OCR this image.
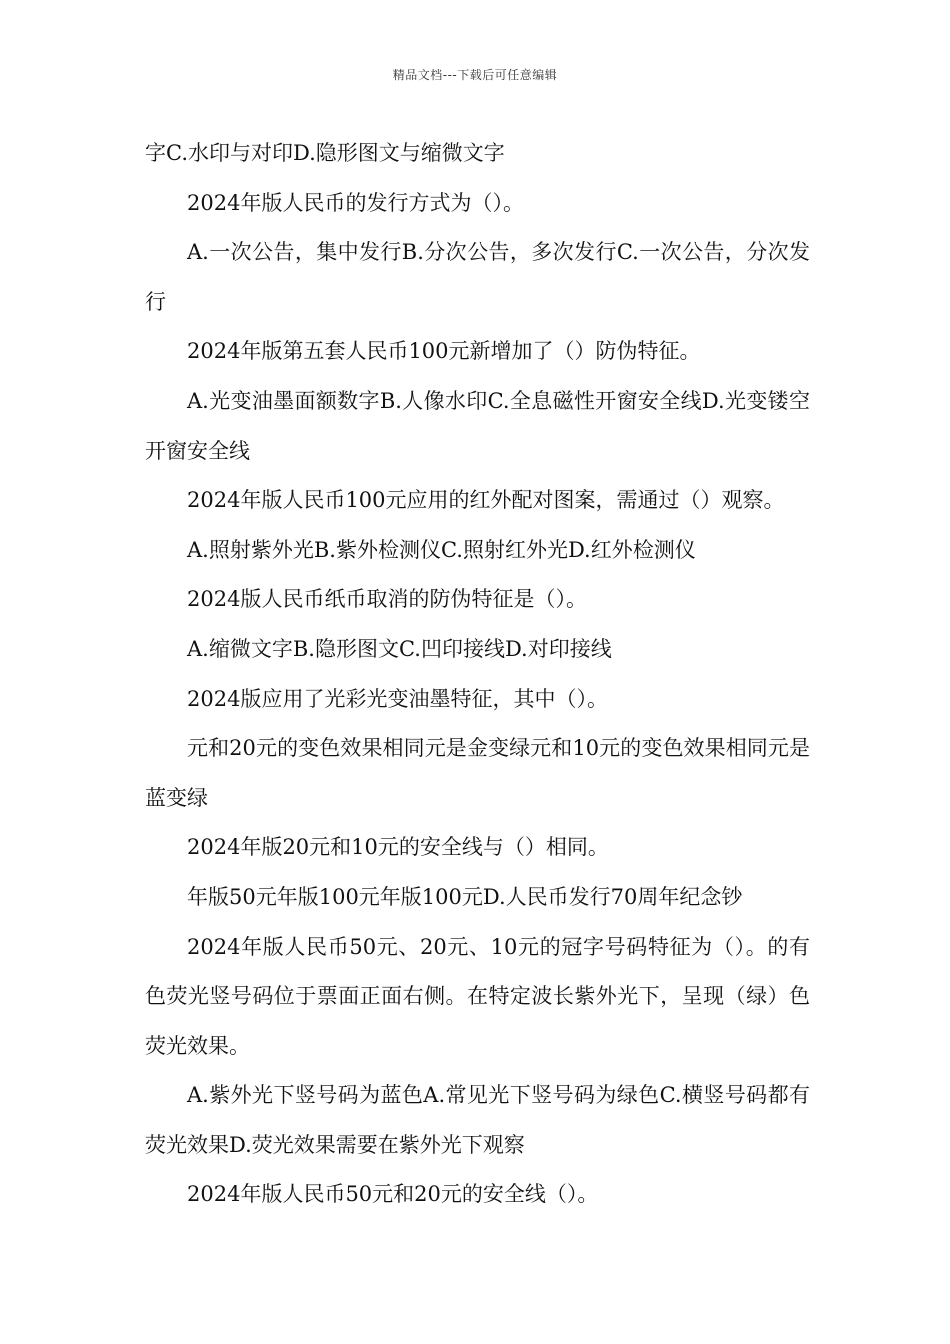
精品文档---下载后可任意编辑

字C.水印与对印D.隐形图文与缩微文字

2024年版人民币的发行方式为（）。

A.一次公告，集中发行B.分次公告，多次发行C.一次公告，分次发行

2024年版第五套人民币100元新增加了（）防伪特征。

A.光变油墨面额数字B.人像水印C.全息磁性开窗安全线D.光变镂空开窗安全线

2024年版人民币100元应用的红外配对图案，需通过（）观察。

A.照射紫外光B.紫外检测仪C.照射红外光D.红外检测仪

2024版人民币纸币取消的防伪特征是（）。

A.缩微文字B.隐形图文C.凹印接线D.对印接线

2024版应用了光彩光变油墨特征，其中（）。

元和20元的变色效果相同元是金变绿元和10元的变色效果相同元是蓝变绿

2024年版20元和10元的安全线与（）相同。

年版50元年版100元年版100元D.人民币发行70周年纪念钞

2024年版人民币50元、20元、10元的冠字号码特征为（）。的有色荧光竖号码位于票面正面右侧。在特定波长紫外光下，呈现（绿）色荧光效果。

A.紫外光下竖号码为蓝色A.常见光下竖号码为绿色C.横竖号码都有荧光效果D.荧光效果需要在紫外光下观察

2024年版人民币50元和20元的安全线（）。
